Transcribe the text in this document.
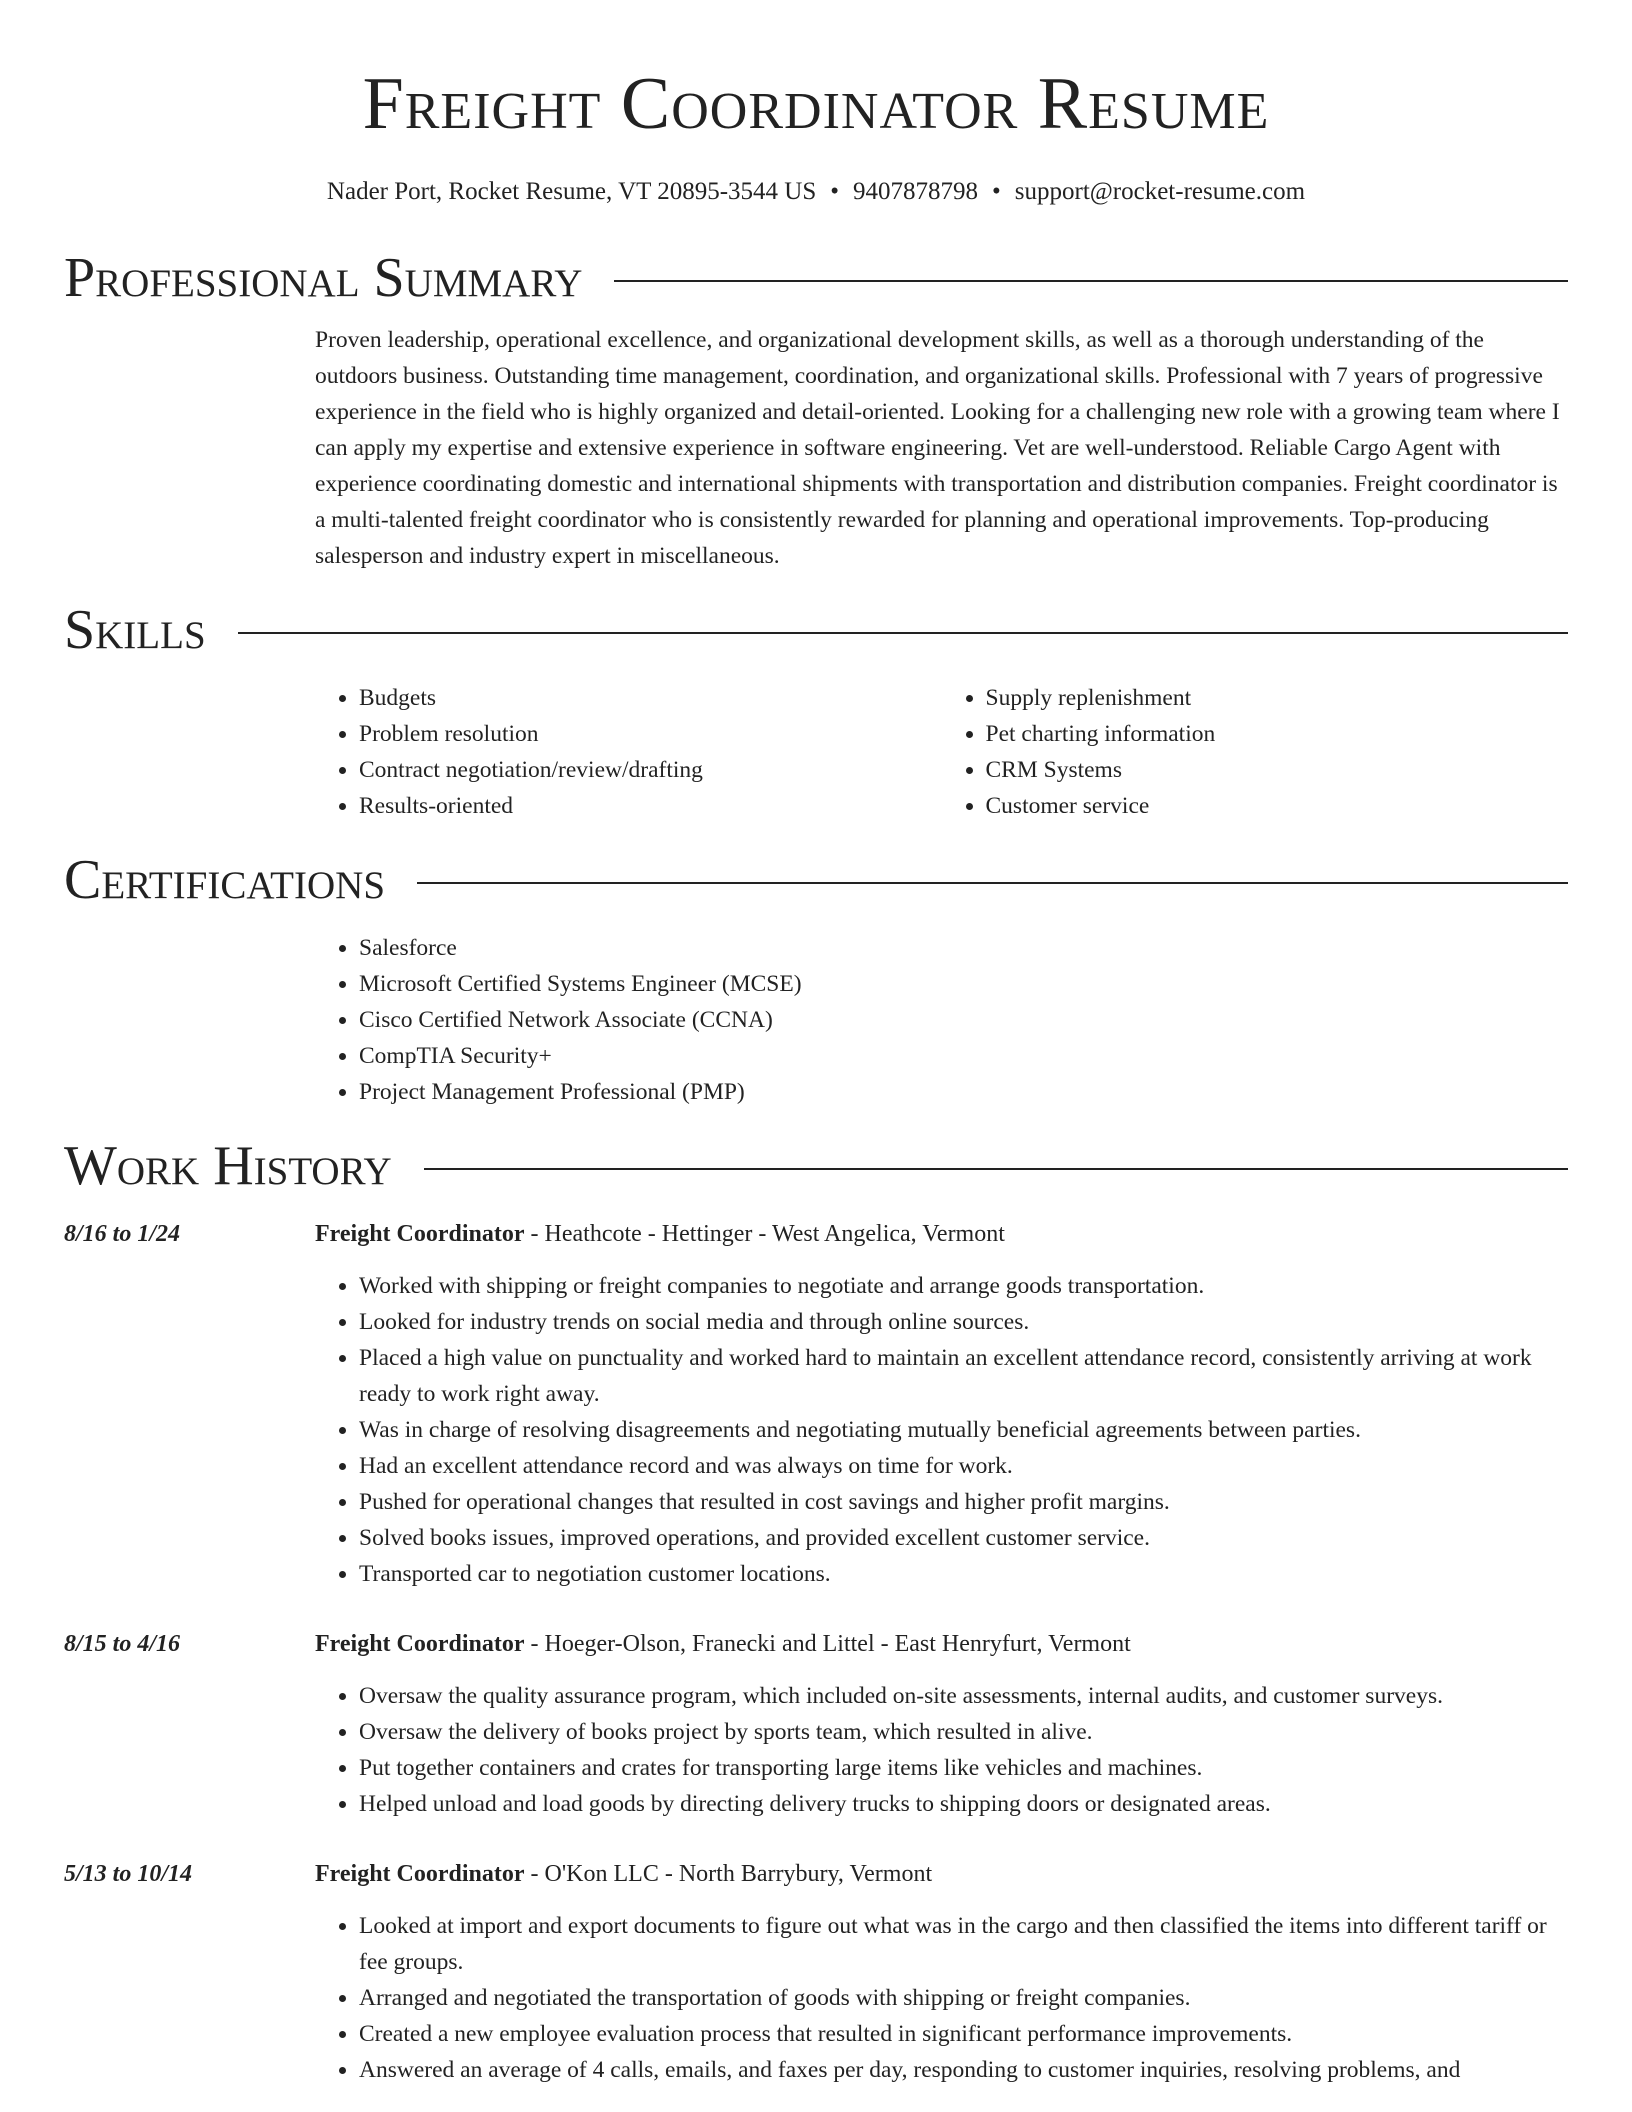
Freight Coordinator Resume
Nader Port, Rocket Resume, VT 20895-3544 US • 9407878798 • support@rocket-resume.com
Professional Summary
Proven leadership, operational excellence, and organizational development skills, as well as a thorough understanding of the outdoors business. Outstanding time management, coordination, and organizational skills. Professional with 7 years of progressive experience in the field who is highly organized and detail-oriented. Looking for a challenging new role with a growing team where I can apply my expertise and extensive experience in software engineering. Vet are well-understood. Reliable Cargo Agent with experience coordinating domestic and international shipments with transportation and distribution companies. Freight coordinator is a multi-talented freight coordinator who is consistently rewarded for planning and operational improvements. Top-producing salesperson and industry expert in miscellaneous.
Skills
• Budgets
• Problem resolution
• Contract negotiation/review/drafting
• Results-oriented
• Supply replenishment
• Pet charting information
• CRM Systems
• Customer service
Certifications
• Salesforce
• Microsoft Certified Systems Engineer (MCSE)
• Cisco Certified Network Associate (CCNA)
• CompTIA Security+
• Project Management Professional (PMP)
Work History
8/16 to 1/24	Freight Coordinator - Heathcote - Hettinger - West Angelica, Vermont
• Worked with shipping or freight companies to negotiate and arrange goods transportation.
• Looked for industry trends on social media and through online sources.
• Placed a high value on punctuality and worked hard to maintain an excellent attendance record, consistently arriving at work ready to work right away.
• Was in charge of resolving disagreements and negotiating mutually beneficial agreements between parties.
• Had an excellent attendance record and was always on time for work.
• Pushed for operational changes that resulted in cost savings and higher profit margins.
• Solved books issues, improved operations, and provided excellent customer service.
• Transported car to negotiation customer locations.
8/15 to 4/16	Freight Coordinator - Hoeger-Olson, Franecki and Littel - East Henryfurt, Vermont
• Oversaw the quality assurance program, which included on-site assessments, internal audits, and customer surveys.
• Oversaw the delivery of books project by sports team, which resulted in alive.
• Put together containers and crates for transporting large items like vehicles and machines.
• Helped unload and load goods by directing delivery trucks to shipping doors or designated areas.
5/13 to 10/14	Freight Coordinator - O'Kon LLC - North Barrybury, Vermont
• Looked at import and export documents to figure out what was in the cargo and then classified the items into different tariff or fee groups.
• Arranged and negotiated the transportation of goods with shipping or freight companies.
• Created a new employee evaluation process that resulted in significant performance improvements.
• Answered an average of 4 calls, emails, and faxes per day, responding to customer inquiries, resolving problems, and
